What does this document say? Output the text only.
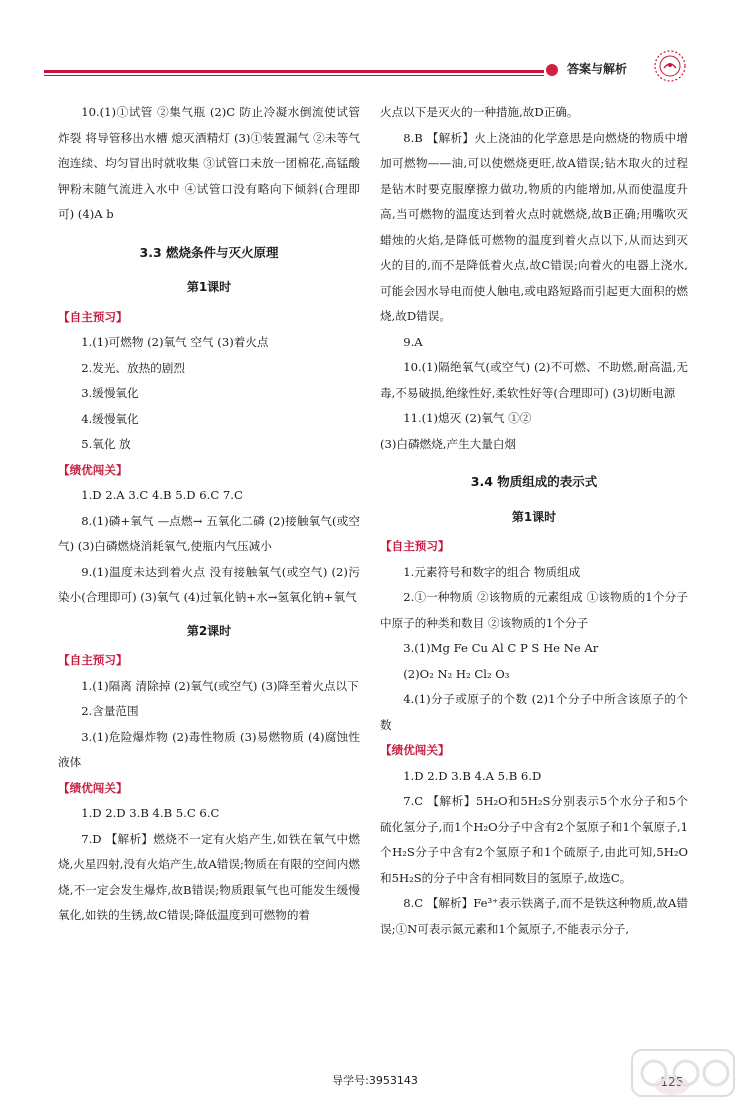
答案与解析

10.(1)①试管 ②集气瓶 (2)C 防止冷凝水倒流使试管炸裂 将导管移出水槽 熄灭酒精灯 (3)①装置漏气 ②未等气泡连续、均匀冒出时就收集 ③试管口未放一团棉花,高锰酸钾粉末随气流进入水中 ④试管口没有略向下倾斜(合理即可) (4)A b

3.3 燃烧条件与灭火原理
第1课时
【自主预习】

1.(1)可燃物 (2)氧气 空气 (3)着火点

2.发光、放热的剧烈

3.缓慢氧化

4.缓慢氧化

5.氧化 放

【绩优闯关】

1.D 2.A 3.C 4.B 5.D 6.C 7.C

8.(1)磷+氧气 —点燃→ 五氧化二磷 (2)接触氧气(或空气) (3)白磷燃烧消耗氧气,使瓶内气压减小

9.(1)温度未达到着火点 没有接触氧气(或空气) (2)污染小(合理即可) (3)氧气 (4)过氧化钠+水→氢氧化钠+氧气

第2课时
【自主预习】

1.(1)隔离 清除掉 (2)氧气(或空气) (3)降至着火点以下

2.含量范围

3.(1)危险爆炸物 (2)毒性物质 (3)易燃物质 (4)腐蚀性液体

【绩优闯关】

1.D 2.D 3.B 4.B 5.C 6.C

7.D 【解析】燃烧不一定有火焰产生,如铁在氧气中燃烧,火星四射,没有火焰产生,故A错误;物质在有限的空间内燃烧,不一定会发生爆炸,故B错误;物质跟氧气也可能发生缓慢氧化,如铁的生锈,故C错误;降低温度到可燃物的着

火点以下是灭火的一种措施,故D正确。

8.B 【解析】火上浇油的化学意思是向燃烧的物质中增加可燃物——油,可以使燃烧更旺,故A错误;钻木取火的过程是钻木时要克服摩擦力做功,物质的内能增加,从而使温度升高,当可燃物的温度达到着火点时就燃烧,故B正确;用嘴吹灭蜡烛的火焰,是降低可燃物的温度到着火点以下,从而达到灭火的目的,而不是降低着火点,故C错误;向着火的电器上浇水,可能会因水导电而使人触电,或电路短路而引起更大面积的燃烧,故D错误。

9.A

10.(1)隔绝氧气(或空气) (2)不可燃、不助燃,耐高温,无毒,不易破损,绝缘性好,柔软性好等(合理即可) (3)切断电源

11.(1)熄灭 (2)氧气 ①②

(3)白磷燃烧,产生大量白烟

3.4 物质组成的表示式
第1课时
【自主预习】

1.元素符号和数字的组合 物质组成

2.①一种物质 ②该物质的元素组成 ①该物质的1个分子中原子的种类和数目 ②该物质的1个分子

3.(1)Mg Fe Cu Al C P S He Ne Ar

(2)O₂ N₂ H₂ Cl₂ O₃

4.(1)分子或原子的个数 (2)1个分子中所含该原子的个数

【绩优闯关】

1.D 2.D 3.B 4.A 5.B 6.D

7.C 【解析】5H₂O和5H₂S分别表示5个水分子和5个硫化氢分子,而1个H₂O分子中含有2个氢原子和1个氧原子,1个H₂S分子中含有2个氢原子和1个硫原子,由此可知,5H₂O和5H₂S的分子中含有相同数目的氢原子,故选C。

8.C 【解析】Fe³⁺表示铁离子,而不是铁这种物质,故A错误;①N可表示氮元素和1个氮原子,不能表示分子,

导学号:3953143	125
